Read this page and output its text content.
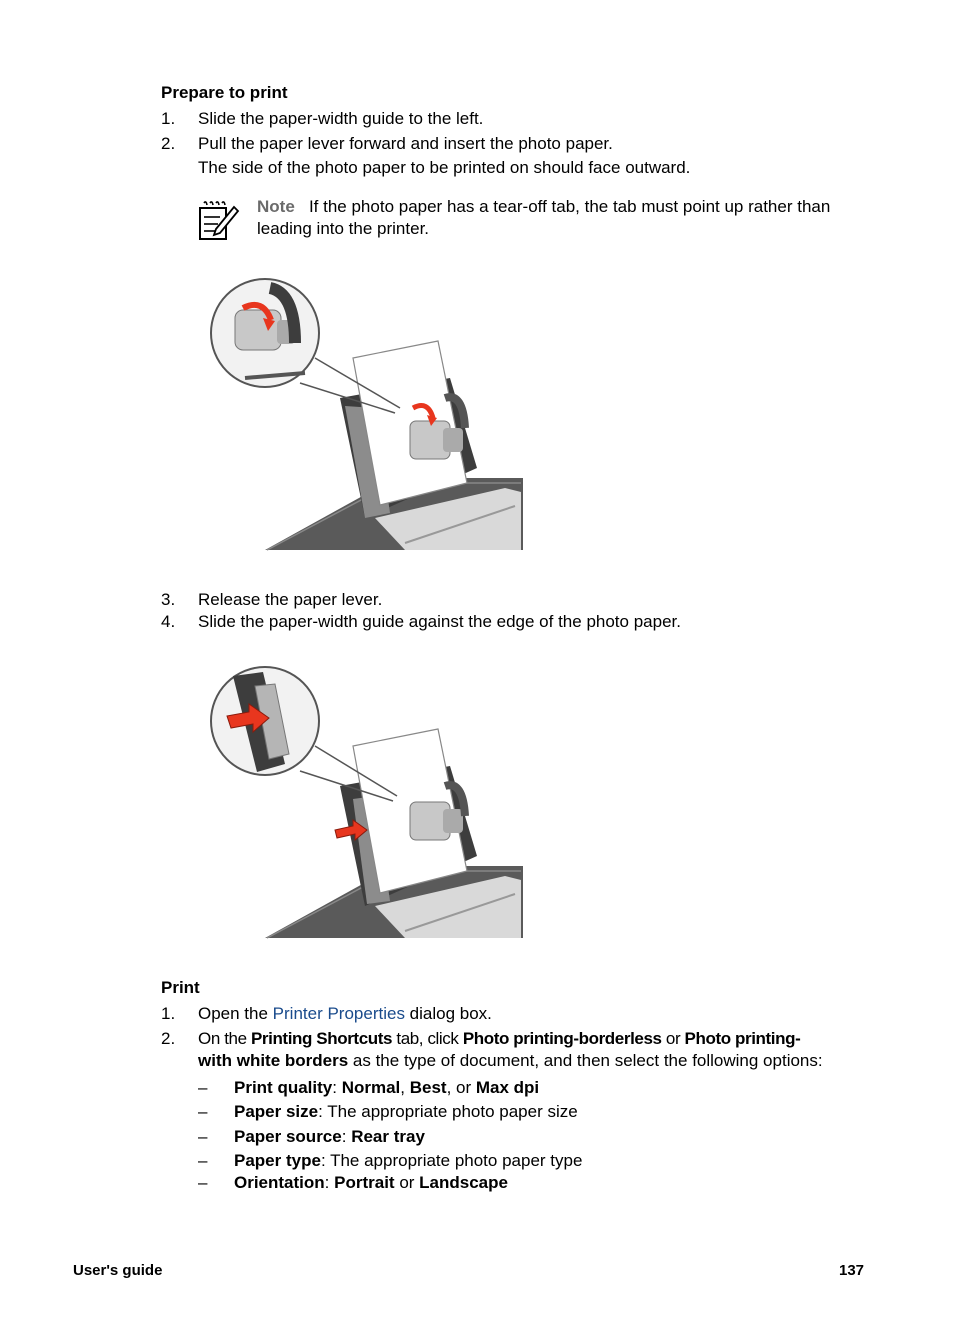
Prepare to print
1. Slide the paper-width guide to the left.
2. Pull the paper lever forward and insert the photo paper.
The side of the photo paper to be printed on should face outward.
Note If the photo paper has a tear-off tab, the tab must point up rather than
leading into the printer.
3. Release the paper lever.
4. Slide the paper-width guide against the edge of the photo paper.
Print
1. Open the Printer Properties dialog box.
2. On the Printing Shortcuts tab, click Photo printing-borderless or Photo printing-
with white borders as the type of document, and then select the following options:
– Print quality: Normal, Best, or Max dpi
– Paper size: The appropriate photo paper size
– Paper source: Rear tray
– Paper type: The appropriate photo paper type
– Orientation: Portrait or Landscape
User's guide	137
